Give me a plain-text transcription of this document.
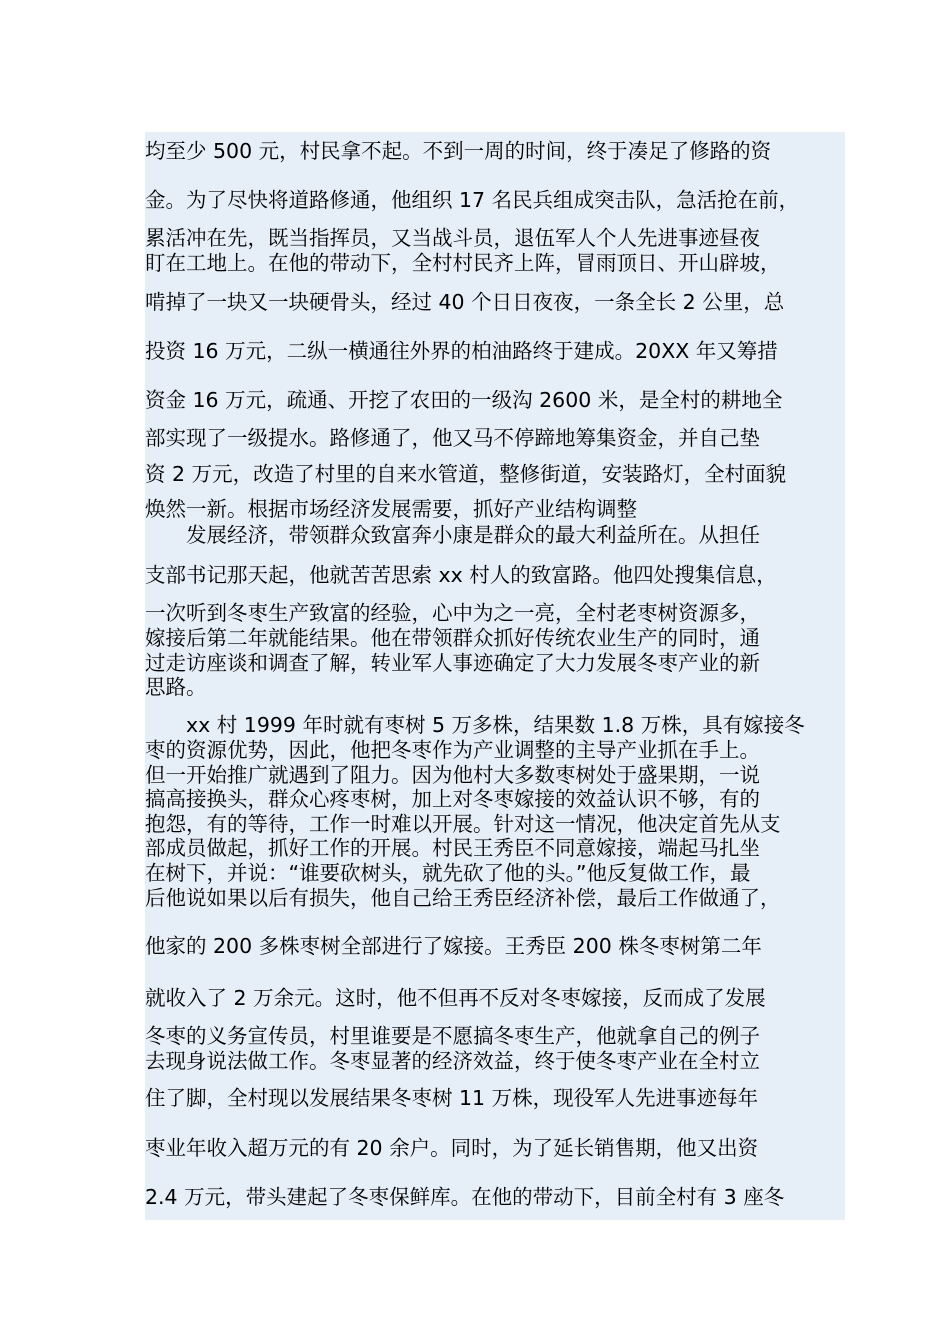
均至少 500 元，村民拿不起。不到一周的时间，终于凑足了修路的资
金。为了尽快将道路修通，他组织 17 名民兵组成突击队，急活抢在前，
累活冲在先，既当指挥员，又当战斗员，退伍军人个人先进事迹昼夜
盯在工地上。在他的带动下，全村村民齐上阵，冒雨顶日、开山辟坡，
啃掉了一块又一块硬骨头，经过 40 个日日夜夜，一条全长 2 公里，总
投资 16 万元，二纵一横通往外界的柏油路终于建成。20XX 年又筹措
资金 16 万元，疏通、开挖了农田的一级沟 2600 米，是全村的耕地全
部实现了一级提水。路修通了，他又马不停蹄地筹集资金，并自己垫
资 2 万元，改造了村里的自来水管道，整修街道，安装路灯，全村面貌
焕然一新。根据市场经济发展需要，抓好产业结构调整
　　发展经济，带领群众致富奔小康是群众的最大利益所在。从担任
支部书记那天起，他就苦苦思索 xx 村人的致富路。他四处搜集信息，
一次听到冬枣生产致富的经验，心中为之一亮，全村老枣树资源多，
嫁接后第二年就能结果。他在带领群众抓好传统农业生产的同时，通
过走访座谈和调查了解，转业军人事迹确定了大力发展冬枣产业的新
思路。
　　xx 村 1999 年时就有枣树 5 万多株，结果数 1.8 万株，具有嫁接冬
枣的资源优势，因此，他把冬枣作为产业调整的主导产业抓在手上。
但一开始推广就遇到了阻力。因为他村大多数枣树处于盛果期，一说
搞高接换头，群众心疼枣树，加上对冬枣嫁接的效益认识不够，有的
抱怨，有的等待，工作一时难以开展。针对这一情况，他决定首先从支
部成员做起，抓好工作的开展。村民王秀臣不同意嫁接，端起马扎坐
在树下，并说：“谁要砍树头，就先砍了他的头。”他反复做工作，最
后他说如果以后有损失，他自己给王秀臣经济补偿，最后工作做通了，
他家的 200 多株枣树全部进行了嫁接。王秀臣 200 株冬枣树第二年
就收入了 2 万余元。这时，他不但再不反对冬枣嫁接，反而成了发展
冬枣的义务宣传员，村里谁要是不愿搞冬枣生产，他就拿自己的例子
去现身说法做工作。冬枣显著的经济效益，终于使冬枣产业在全村立
住了脚，全村现以发展结果冬枣树 11 万株，现役军人先进事迹每年
枣业年收入超万元的有 20 余户。同时，为了延长销售期，他又出资
2.4 万元，带头建起了冬枣保鲜库。在他的带动下，目前全村有 3 座冬
